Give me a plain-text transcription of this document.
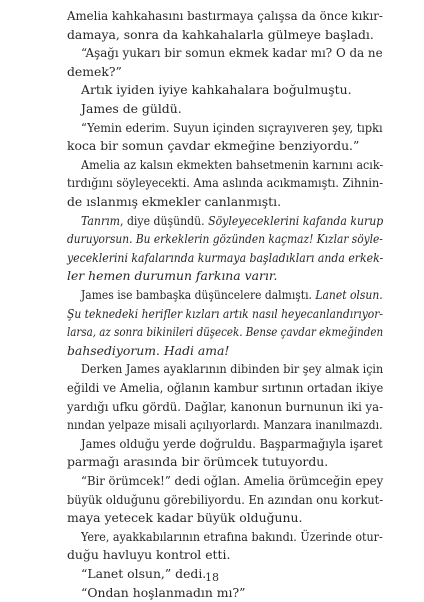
Amelia kahkahasını bastırmaya çalışsa da önce kıkır-
damaya, sonra da kahkahalarla gülmeye başladı.
“Aşağı yukarı bir somun ekmek kadar mı? O da ne
demek?”
Artık iyiden iyiye kahkahalara boğulmuştu.
James de güldü.
“Yemin ederim. Suyun içinden sıçrayıveren şey, tıpkı
koca bir somun çavdar ekmeğine benziyordu.”
Amelia az kalsın ekmekten bahsetmenin karnını acık-
tırdığını söyleyecekti. Ama aslında acıkmamıştı. Zihnin-
de ıslanmış ekmekler canlanmıştı.
Tanrım, diye düşündü. Söyleyeceklerini kafanda kurup
duruyorsun. Bu erkeklerin gözünden kaçmaz! Kızlar söyle-
yeceklerini kafalarında kurmaya başladıkları anda erkek-
ler hemen durumun farkına varır.
James ise bambaşka düşüncelere dalmıştı. Lanet olsun.
Şu teknedeki herifler kızları artık nasıl heyecanlandırıyor-
larsa, az sonra bikinileri düşecek. Bense çavdar ekmeğinden
bahsediyorum. Hadi ama!
Derken James ayaklarının dibinden bir şey almak için
eğildi ve Amelia, oğlanın kambur sırtının ortadan ikiye
yardığı ufku gördü. Dağlar, kanonun burnunun iki ya-
nından yelpaze misali açılıyorlardı. Manzara inanılmazdı.
James olduğu yerde doğruldu. Başparmağıyla işaret
parmağı arasında bir örümcek tutuyordu.
“Bir örümcek!” dedi oğlan. Amelia örümceğin epey
büyük olduğunu görebiliyordu. En azından onu korkut-
maya yetecek kadar büyük olduğunu.
Yere, ayakkabılarının etrafına bakındı. Üzerinde otur-
duğu havluyu kontrol etti.
“Lanet olsun,” dedi.
“Ondan hoşlanmadın mı?”
18
